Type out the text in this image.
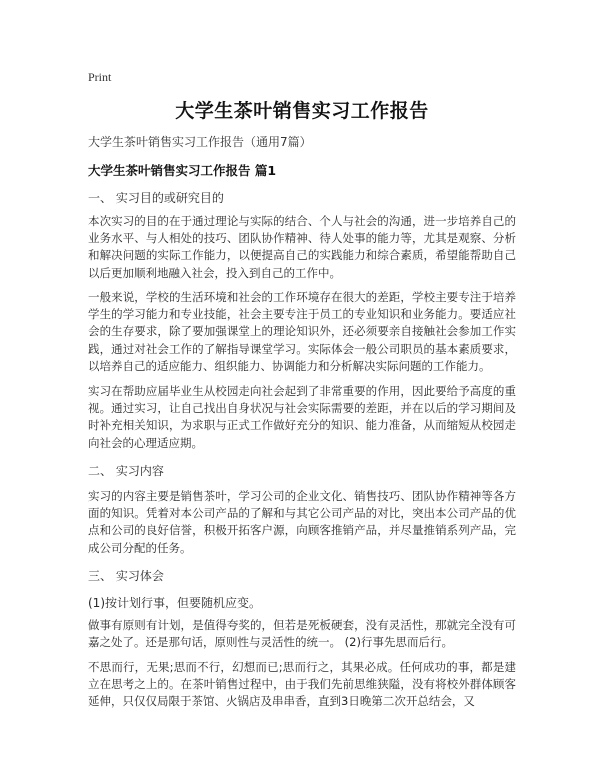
Print
大学生茶叶销售实习工作报告
大学生茶叶销售实习工作报告（通用7篇）
大学生茶叶销售实习工作报告 篇1
一、 实习目的或研究目的

本次实习的目的在于通过理论与实际的结合、个人与社会的沟通，进一步培养自己的业务水平、与人相处的技巧、团队协作精神、待人处事的能力等，尤其是观察、分析和解决问题的实际工作能力，以便提高自己的实践能力和综合素质，希望能帮助自己以后更加顺利地融入社会，投入到自己的工作中。

一般来说，学校的生活环境和社会的工作环境存在很大的差距，学校主要专注于培养学生的学习能力和专业技能，社会主要专注于员工的专业知识和业务能力。要适应社会的生存要求，除了要加强课堂上的理论知识外，还必须要亲自接触社会参加工作实践，通过对社会工作的了解指导课堂学习。实际体会一般公司职员的基本素质要求，以培养自己的适应能力、组织能力、协调能力和分析解决实际问题的工作能力。

实习在帮助应届毕业生从校园走向社会起到了非常重要的作用，因此要给予高度的重视。通过实习，让自己找出自身状况与社会实际需要的差距，并在以后的学习期间及时补充相关知识，为求职与正式工作做好充分的知识、能力准备，从而缩短从校园走向社会的心理适应期。

二、 实习内容

实习的内容主要是销售茶叶，学习公司的企业文化、销售技巧、团队协作精神等各方面的知识。凭着对本公司产品的了解和与其它公司产品的对比，突出本公司产品的优点和公司的良好信誉，积极开拓客户源，向顾客推销产品，并尽量推销系列产品，完成公司分配的任务。

三、 实习体会
(1)按计划行事，但要随机应变。

做事有原则有计划，是值得夸奖的，但若是死板硬套，没有灵活性，那就完全没有可嘉之处了。还是那句话，原则性与灵活性的统一。 (2)行事先思而后行。

不思而行，无果;思而不行，幻想而已;思而行之，其果必成。任何成功的事，都是建立在思考之上的。在茶叶销售过程中，由于我们先前思维狭隘，没有将校外群体顾客延伸，只仅仅局限于茶馆、火锅店及串串香，直到3日晚第二次开总结会，又
